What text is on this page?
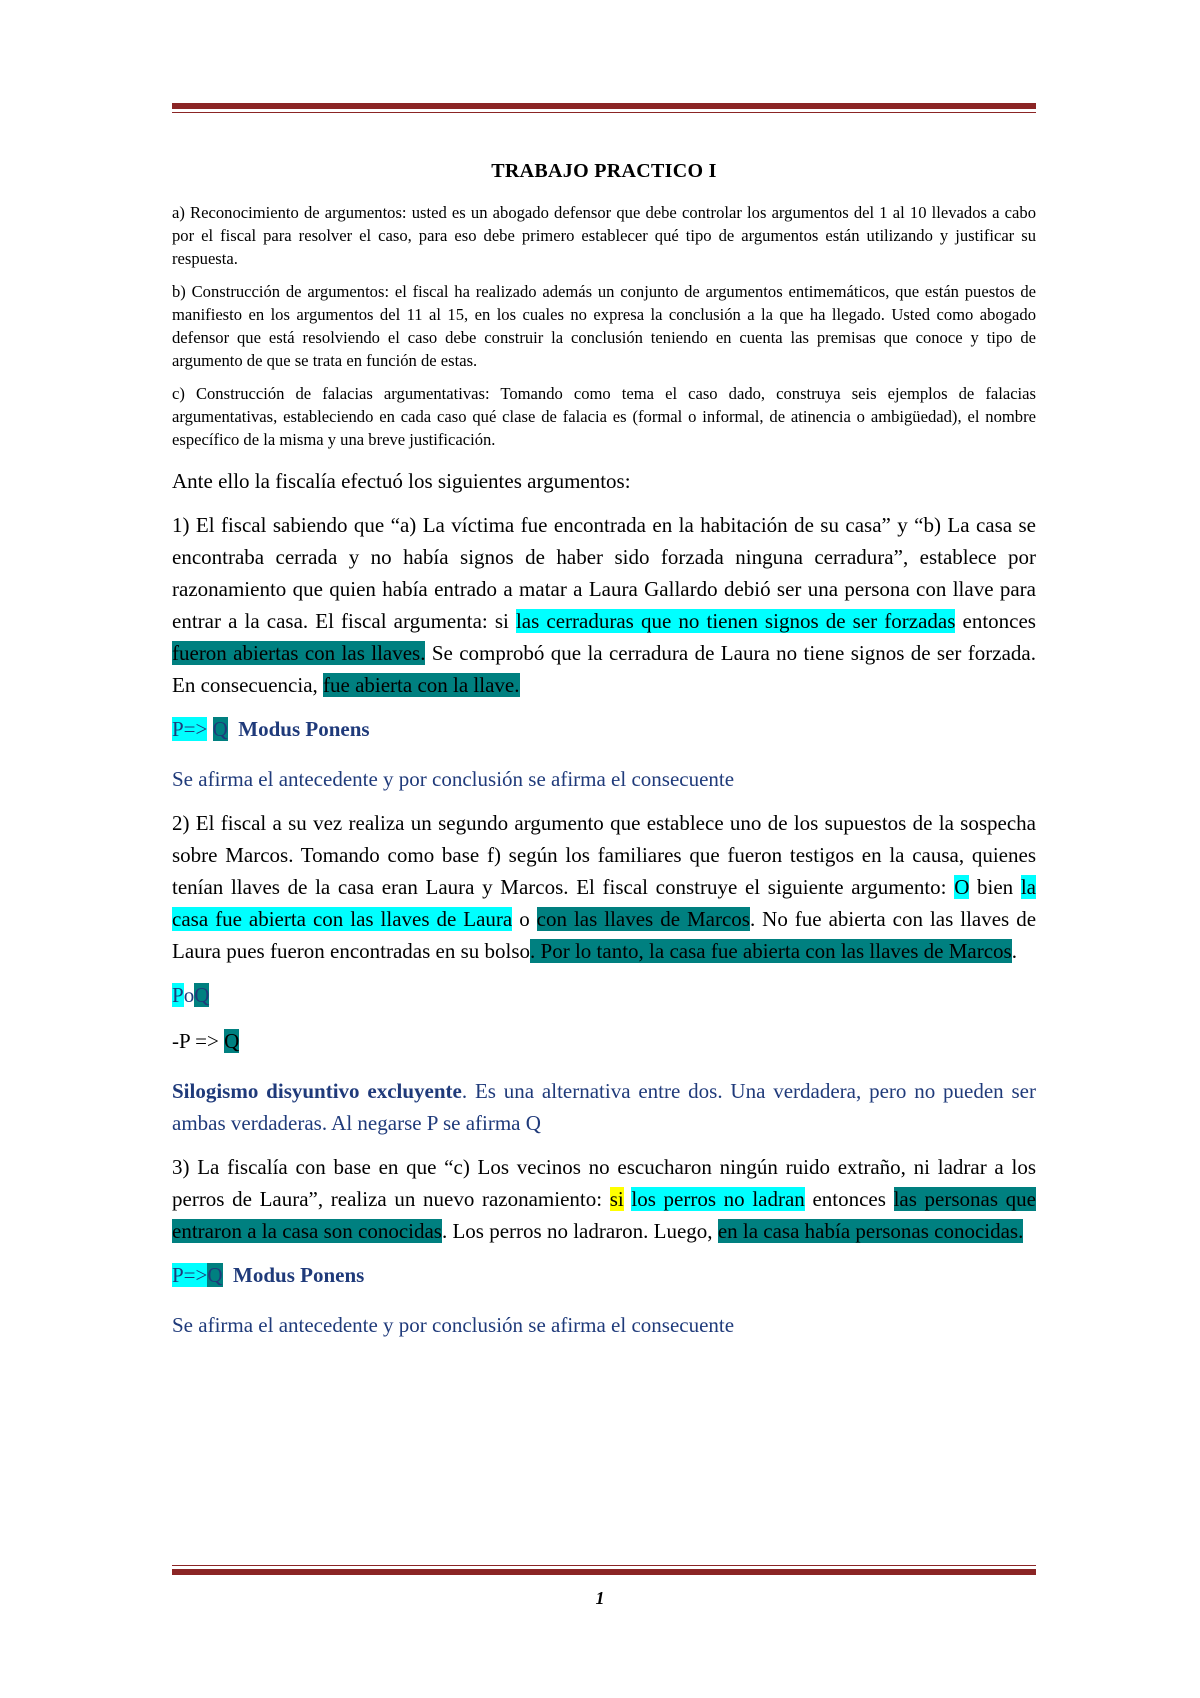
TRABAJO PRACTICO I

a) Reconocimiento de argumentos: usted es un abogado defensor que debe controlar los argumentos del 1 al 10 llevados a cabo por el fiscal para resolver el caso, para eso debe primero establecer qué tipo de argumentos están utilizando y justificar su respuesta.

b) Construcción de argumentos: el fiscal ha realizado además un conjunto de argumentos entimemáticos, que están puestos de manifiesto en los argumentos del 11 al 15, en los cuales no expresa la conclusión a la que ha llegado. Usted como abogado defensor que está resolviendo el caso debe construir la conclusión teniendo en cuenta las premisas que conoce y tipo de argumento de que se trata en función de estas.

c) Construcción de falacias argumentativas: Tomando como tema el caso dado, construya seis ejemplos de falacias argumentativas, estableciendo en cada caso qué clase de falacia es (formal o informal, de atinencia o ambigüedad), el nombre específico de la misma y una breve justificación.

Ante ello la fiscalía efectuó los siguientes argumentos:

1) El fiscal sabiendo que “a) La víctima fue encontrada en la habitación de su casa” y “b) La casa se encontraba cerrada y no había signos de haber sido forzada ninguna cerradura”, establece por razonamiento que quien había entrado a matar a Laura Gallardo debió ser una persona con llave para entrar a la casa. El fiscal argumenta: si las cerraduras que no tienen signos de ser forzadas entonces fueron abiertas con las llaves. Se comprobó que la cerradura de Laura no tiene signos de ser forzada. En consecuencia, fue abierta con la llave.

P=> Q Modus Ponens

Se afirma el antecedente y por conclusión se afirma el consecuente

2) El fiscal a su vez realiza un segundo argumento que establece uno de los supuestos de la sospecha sobre Marcos. Tomando como base f) según los familiares que fueron testigos en la causa, quienes tenían llaves de la casa eran Laura y Marcos. El fiscal construye el siguiente argumento: O bien la casa fue abierta con las llaves de Laura o con las llaves de Marcos. No fue abierta con las llaves de Laura pues fueron encontradas en su bolso. Por lo tanto, la casa fue abierta con las llaves de Marcos.

PoQ

-P => Q

Silogismo disyuntivo excluyente. Es una alternativa entre dos. Una verdadera, pero no pueden ser ambas verdaderas. Al negarse P se afirma Q

3) La fiscalía con base en que “c) Los vecinos no escucharon ningún ruido extraño, ni ladrar a los perros de Laura”, realiza un nuevo razonamiento: si los perros no ladran entonces las personas que entraron a la casa son conocidas. Los perros no ladraron. Luego, en la casa había personas conocidas.

P=>Q Modus Ponens

Se afirma el antecedente y por conclusión se afirma el consecuente

1
